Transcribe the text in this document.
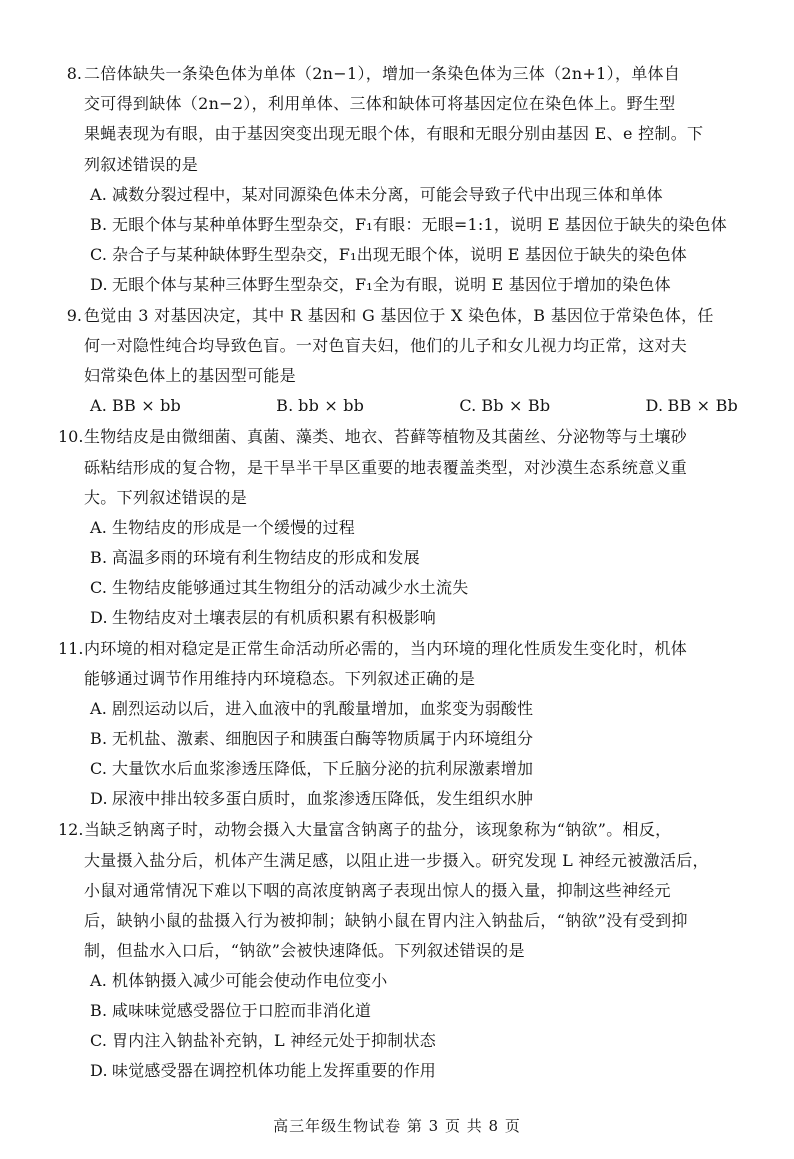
8. 二倍体缺失一条染色体为单体（2n−1），增加一条染色体为三体（2n+1），单体自
交可得到缺体（2n−2），利用单体、三体和缺体可将基因定位在染色体上。野生型
果蝇表现为有眼，由于基因突变出现无眼个体，有眼和无眼分别由基因 E、e 控制。下
列叙述错误的是
A. 减数分裂过程中，某对同源染色体未分离，可能会导致子代中出现三体和单体
B. 无眼个体与某种单体野生型杂交，F₁有眼：无眼=1:1，说明 E 基因位于缺失的染色体
C. 杂合子与某种缺体野生型杂交，F₁出现无眼个体，说明 E 基因位于缺失的染色体
D. 无眼个体与某种三体野生型杂交，F₁全为有眼，说明 E 基因位于增加的染色体
9. 色觉由 3 对基因决定，其中 R 基因和 G 基因位于 X 染色体，B 基因位于常染色体，任
何一对隐性纯合均导致色盲。一对色盲夫妇，他们的儿子和女儿视力均正常，这对夫
妇常染色体上的基因型可能是
A. BB × bb	B. bb × bb	C. Bb × Bb	D. BB × Bb
10. 生物结皮是由微细菌、真菌、藻类、地衣、苔藓等植物及其菌丝、分泌物等与土壤砂
砾粘结形成的复合物，是干旱半干旱区重要的地表覆盖类型，对沙漠生态系统意义重
大。下列叙述错误的是
A. 生物结皮的形成是一个缓慢的过程
B. 高温多雨的环境有利生物结皮的形成和发展
C. 生物结皮能够通过其生物组分的活动减少水土流失
D. 生物结皮对土壤表层的有机质积累有积极影响
11. 内环境的相对稳定是正常生命活动所必需的，当内环境的理化性质发生变化时，机体
能够通过调节作用维持内环境稳态。下列叙述正确的是
A. 剧烈运动以后，进入血液中的乳酸量增加，血浆变为弱酸性
B. 无机盐、激素、细胞因子和胰蛋白酶等物质属于内环境组分
C. 大量饮水后血浆渗透压降低，下丘脑分泌的抗利尿激素增加
D. 尿液中排出较多蛋白质时，血浆渗透压降低，发生组织水肿
12. 当缺乏钠离子时，动物会摄入大量富含钠离子的盐分，该现象称为“钠欲”。相反，
大量摄入盐分后，机体产生满足感，以阻止进一步摄入。研究发现 L 神经元被激活后，
小鼠对通常情况下难以下咽的高浓度钠离子表现出惊人的摄入量，抑制这些神经元
后，缺钠小鼠的盐摄入行为被抑制；缺钠小鼠在胃内注入钠盐后，“钠欲”没有受到抑
制，但盐水入口后，“钠欲”会被快速降低。下列叙述错误的是
A. 机体钠摄入减少可能会使动作电位变小
B. 咸味味觉感受器位于口腔而非消化道
C. 胃内注入钠盐补充钠，L 神经元处于抑制状态
D. 味觉感受器在调控机体功能上发挥重要的作用
高三年级生物试卷 第 3 页 共 8 页
